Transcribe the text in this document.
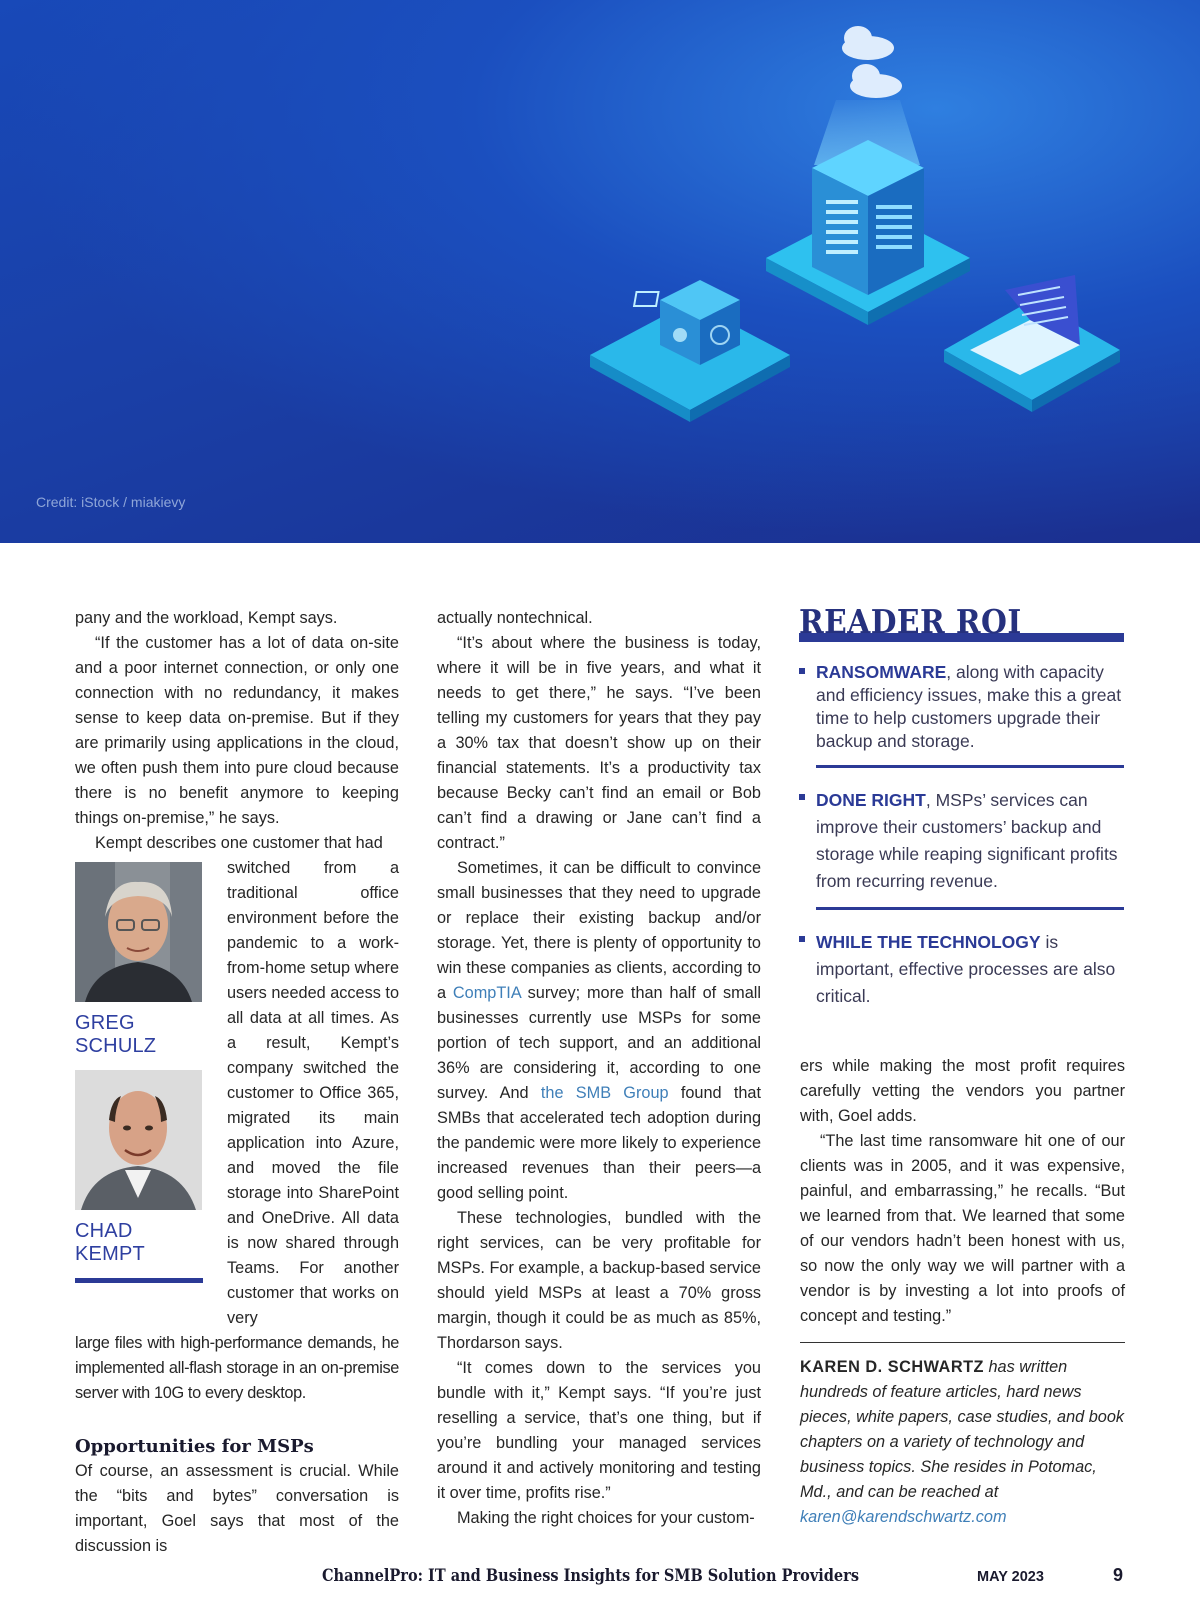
Credit: iStock / miakievy

pany and the workload, Kempt says.

“If the customer has a lot of data on-site and a poor internet connection, or only one connection with no redundancy, it makes sense to keep data on-premise. But if they are primarily using applications in the cloud, we often push them into pure cloud because there is no benefit anymore to keeping things on-premise,” he says.

Kempt describes one customer that had

GREG SCHULZ
CHAD KEMPT
switched from a traditional office environment before the pandemic to a work-from-home setup where users needed access to all data at all times. As a result, Kempt’s company switched the customer to Office 365, migrated its main application into Azure, and moved the file storage into SharePoint and OneDrive. All data is now shared through Teams. For another customer that works on very

large files with high-performance demands, he implemented all-flash storage in an on-premise server with 10G to every desktop.

Opportunities for MSPs

Of course, an assessment is crucial. While the “bits and bytes” conversation is important, Goel says that most of the discussion is

actually nontechnical.

“It’s about where the business is today, where it will be in five years, and what it needs to get there,” he says. “I’ve been telling my customers for years that they pay a 30% tax that doesn’t show up on their financial statements. It’s a productivity tax because Becky can’t find an email or Bob can’t find a drawing or Jane can’t find a contract.”

Sometimes, it can be difficult to convince small businesses that they need to upgrade or replace their existing backup and/or storage. Yet, there is plenty of opportunity to win these companies as clients, according to a CompTIA survey; more than half of small businesses currently use MSPs for some portion of tech support, and an additional 36% are considering it, according to one survey. And the SMB Group found that SMBs that accelerated tech adoption during the pandemic were more likely to experience increased revenues than their peers—a good selling point.

These technologies, bundled with the right services, can be very profitable for MSPs. For example, a backup-based service should yield MSPs at least a 70% gross margin, though it could be as much as 85%, Thordarson says.

“It comes down to the services you bundle with it,” Kempt says. “If you’re just reselling a service, that’s one thing, but if you’re bundling your managed services around it and actively monitoring and testing it over time, profits rise.”

Making the right choices for your custom-

READER ROI
RANSOMWARE, along with capacity and efficiency issues, make this a great time to help customers upgrade their backup and storage.
DONE RIGHT, MSPs’ services can improve their customers’ backup and storage while reaping significant profits from recurring revenue.
WHILE THE TECHNOLOGY is important, effective processes are also critical.

ers while making the most profit requires carefully vetting the vendors you partner with, Goel adds.

“The last time ransomware hit one of our clients was in 2005, and it was expensive, painful, and embarrassing,” he recalls. “But we learned from that. We learned that some of our vendors hadn’t been honest with us, so now the only way we will partner with a vendor is by investing a lot into proofs of concept and testing.”

KAREN D. SCHWARTZ has written hundreds of feature articles, hard news pieces, white papers, case studies, and book chapters on a variety of technology and business topics. She resides in Potomac, Md., and can be reached at karen@karendschwartz.com

ChannelPro: IT and Business Insights for SMB Solution Providers	MAY 2023	9
